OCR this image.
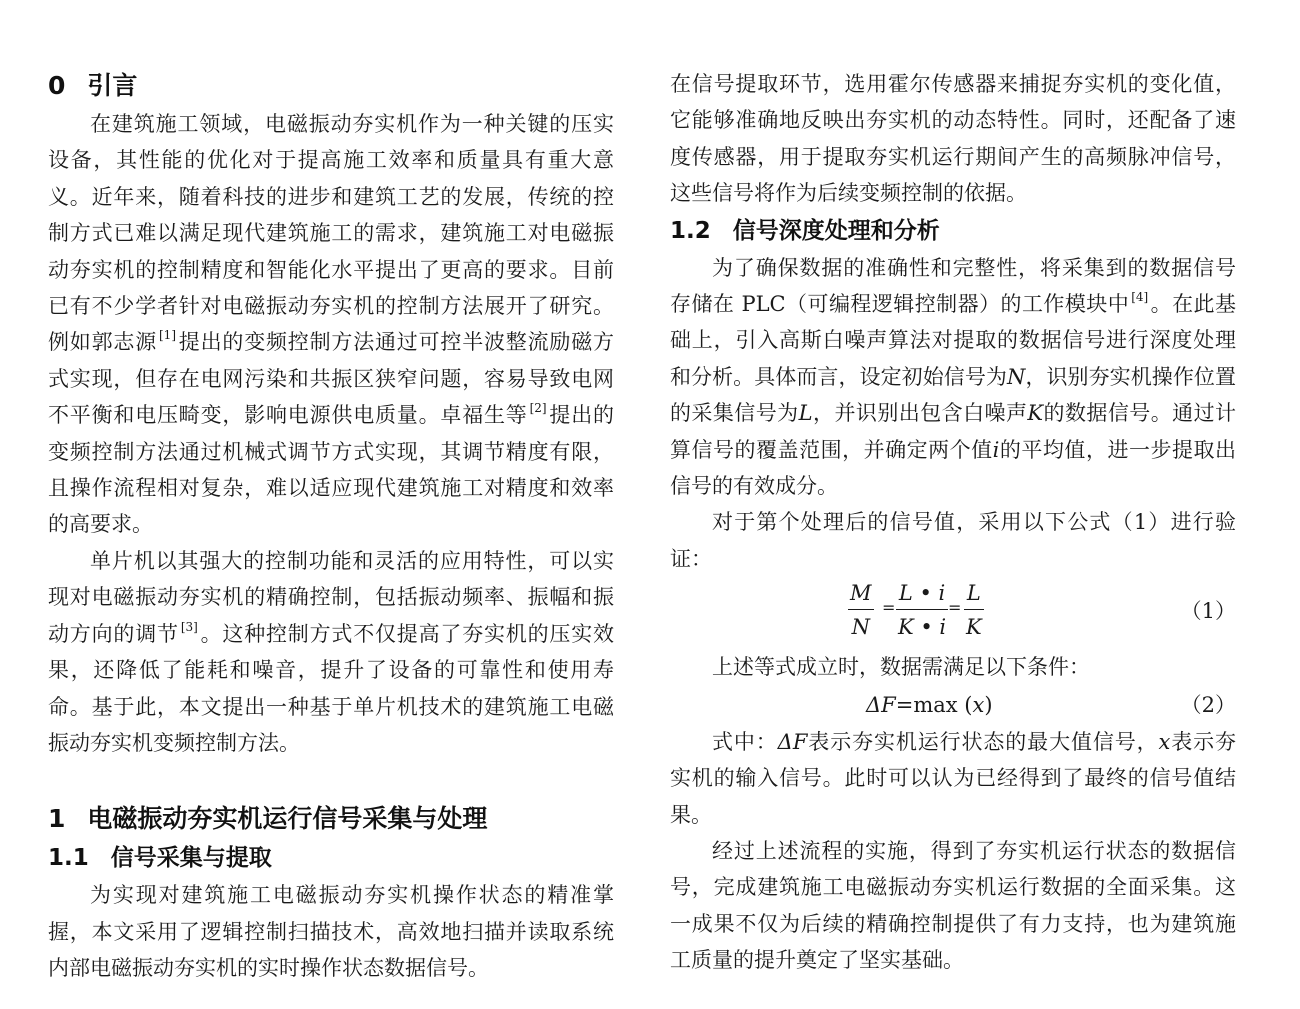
0 引言

在建筑施工领域，电磁振动夯实机作为一种关键的压实设备，其性能的优化对于提高施工效率和质量具有重大意义。近年来，随着科技的进步和建筑工艺的发展，传统的控制方式已难以满足现代建筑施工的需求，建筑施工对电磁振动夯实机的控制精度和智能化水平提出了更高的要求。目前已有不少学者针对电磁振动夯实机的控制方法展开了研究。例如郭志源 [1]提出的变频控制方法通过可控半波整流励磁方式实现，但存在电网污染和共振区狭窄问题，容易导致电网不平衡和电压畸变，影响电源供电质量。卓福生等 [2]提出的变频控制方法通过机械式调节方式实现，其调节精度有限，且操作流程相对复杂，难以适应现代建筑施工对精度和效率的高要求。

单片机以其强大的控制功能和灵活的应用特性，可以实现对电磁振动夯实机的精确控制，包括振动频率、振幅和振动方向的调节 [3]。这种控制方式不仅提高了夯实机的压实效果，还降低了能耗和噪音，提升了设备的可靠性和使用寿命。基于此，本文提出一种基于单片机技术的建筑施工电磁振动夯实机变频控制方法。

1 电磁振动夯实机运行信号采集与处理
1.1 信号采集与提取

为实现对建筑施工电磁振动夯实机操作状态的精准掌握，本文采用了逻辑控制扫描技术，高效地扫描并读取系统内部电磁振动夯实机的实时操作状态数据信号。

在信号提取环节，选用霍尔传感器来捕捉夯实机的变化值，它能够准确地反映出夯实机的动态特性。同时，还配备了速度传感器，用于提取夯实机运行期间产生的高频脉冲信号，这些信号将作为后续变频控制的依据。

1.2 信号深度处理和分析

为了确保数据的准确性和完整性，将采集到的数据信号存储在 PLC（可编程逻辑控制器）的工作模块中 [4]。在此基础上，引入高斯白噪声算法对提取的数据信号进行深度处理和分析。具体而言，设定初始信号为N，识别夯实机操作位置的采集信号为L，并识别出包含白噪声K的数据信号。通过计算信号的覆盖范围，并确定两个值i的平均值，进一步提取出信号的有效成分。

对于第个处理后的信号值，采用以下公式（1）进行验证：

M
N
=
L • i
K • i
=
L
K
（1）

上述等式成立时，数据需满足以下条件：

ΔF=max (x)	（2）

式中：ΔF表示夯实机运行状态的最大值信号，x表示夯实机的输入信号。此时可以认为已经得到了最终的信号值结果。

经过上述流程的实施，得到了夯实机运行状态的数据信号，完成建筑施工电磁振动夯实机运行数据的全面采集。这一成果不仅为后续的精确控制提供了有力支持，也为建筑施工质量的提升奠定了坚实基础。
